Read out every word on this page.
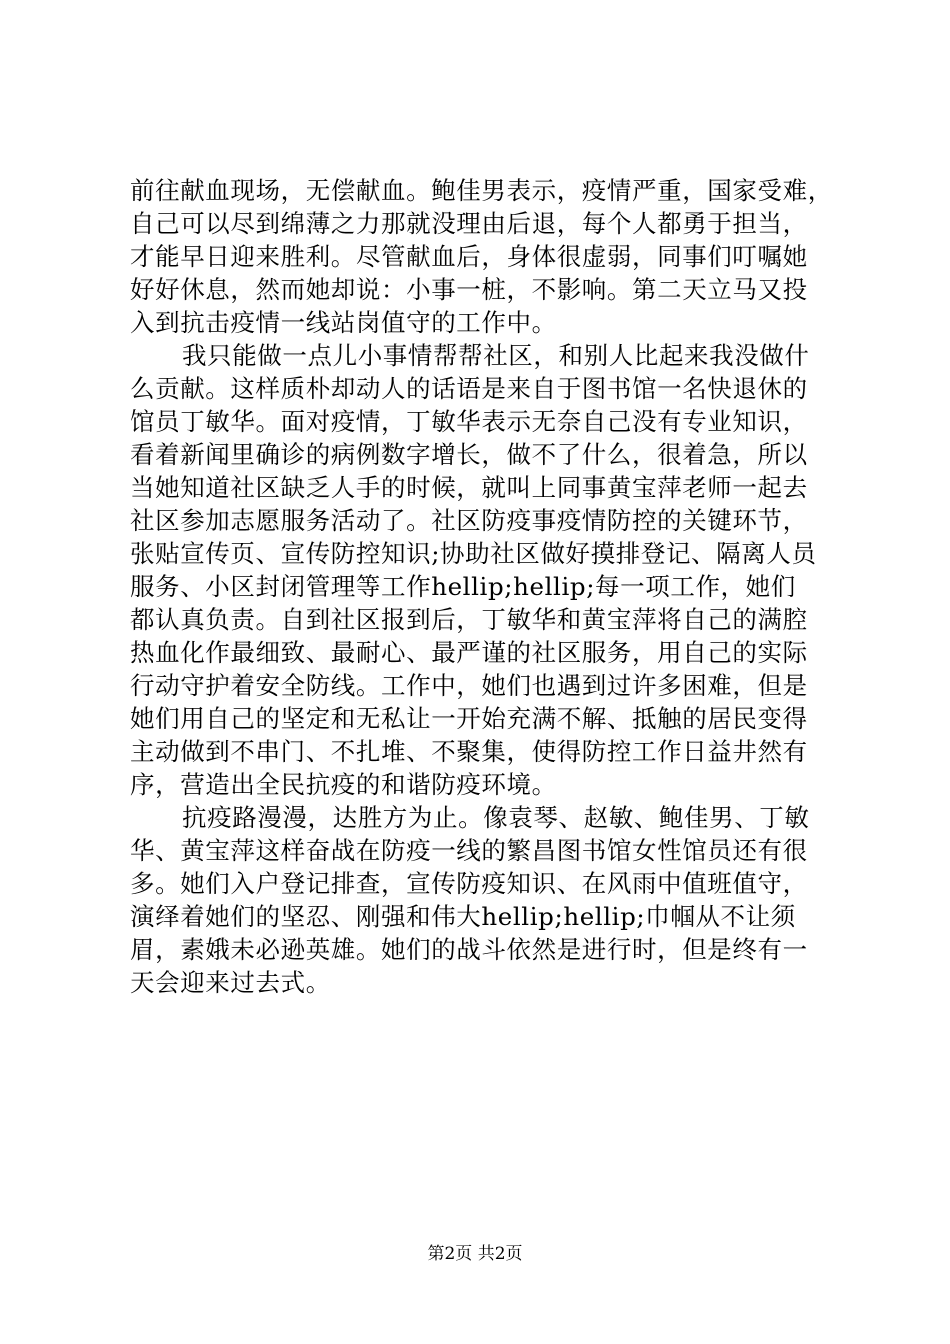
前往献血现场，无偿献血。鲍佳男表示，疫情严重，国家受难，
自己可以尽到绵薄之力那就没理由后退，每个人都勇于担当，
才能早日迎来胜利。尽管献血后，身体很虚弱，同事们叮嘱她
好好休息，然而她却说：小事一桩，不影响。第二天立马又投
入到抗击疫情一线站岗值守的工作中。
我只能做一点儿小事情帮帮社区，和别人比起来我没做什
么贡献。这样质朴却动人的话语是来自于图书馆一名快退休的
馆员丁敏华。面对疫情，丁敏华表示无奈自己没有专业知识，
看着新闻里确诊的病例数字增长，做不了什么，很着急，所以
当她知道社区缺乏人手的时候，就叫上同事黄宝萍老师一起去
社区参加志愿服务活动了。社区防疫事疫情防控的关键环节，
张贴宣传页、宣传防控知识;协助社区做好摸排登记、隔离人员
服务、小区封闭管理等工作hellip;hellip;每一项工作，她们
都认真负责。自到社区报到后，丁敏华和黄宝萍将自己的满腔
热血化作最细致、最耐心、最严谨的社区服务，用自己的实际
行动守护着安全防线。工作中，她们也遇到过许多困难，但是
她们用自己的坚定和无私让一开始充满不解、抵触的居民变得
主动做到不串门、不扎堆、不聚集，使得防控工作日益井然有
序，营造出全民抗疫的和谐防疫环境。
抗疫路漫漫，达胜方为止。像袁琴、赵敏、鲍佳男、丁敏
华、黄宝萍这样奋战在防疫一线的繁昌图书馆女性馆员还有很
多。她们入户登记排查，宣传防疫知识、在风雨中值班值守，
演绎着她们的坚忍、刚强和伟大hellip;hellip;巾帼从不让须
眉，素娥未必逊英雄。她们的战斗依然是进行时，但是终有一
天会迎来过去式。
第2页 共2页
